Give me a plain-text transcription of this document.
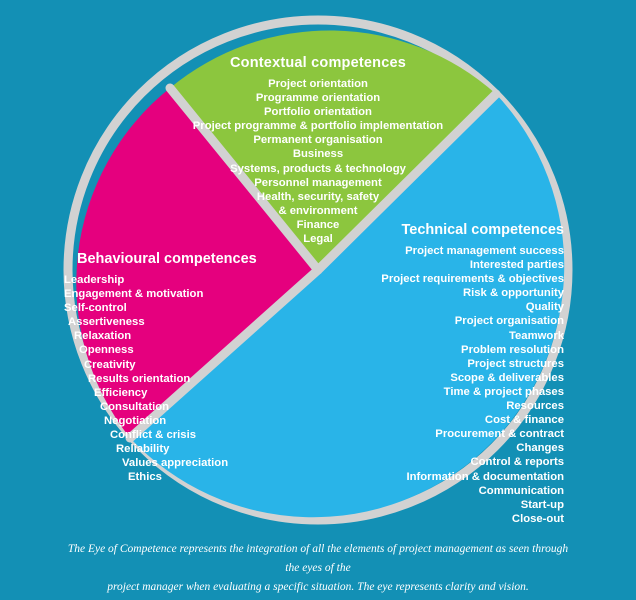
Contextual competences
Project orientation
Programme orientation
Portfolio orientation
Project programme & portfolio implementation
Permanent organisation
Business
Systems, products & technology
Personnel management
Health, security, safety
& environment
Finance
Legal
Behavioural competences
Leadership
Engagement & motivation
Self-control
Assertiveness
Relaxation
Openness
Creativity
Results orientation
Efficiency
Consultation
Negotiation
Conflict & crisis
Reliability
Values appreciation
Ethics
Technical competences
Project management success
Interested parties
Project requirements & objectives
Risk & opportunity
Quality
Project organisation
Teamwork
Problem resolution
Project structures
Scope & deliverables
Time & project phases
Resources
Cost & finance
Procurement & contract
Changes
Control & reports
Information & documentation
Communication
Start-up
Close-out
The Eye of Competence represents the integration of all the elements of project management as seen through the eyes of the
project manager when evaluating a specific situation. The eye represents clarity and vision.
